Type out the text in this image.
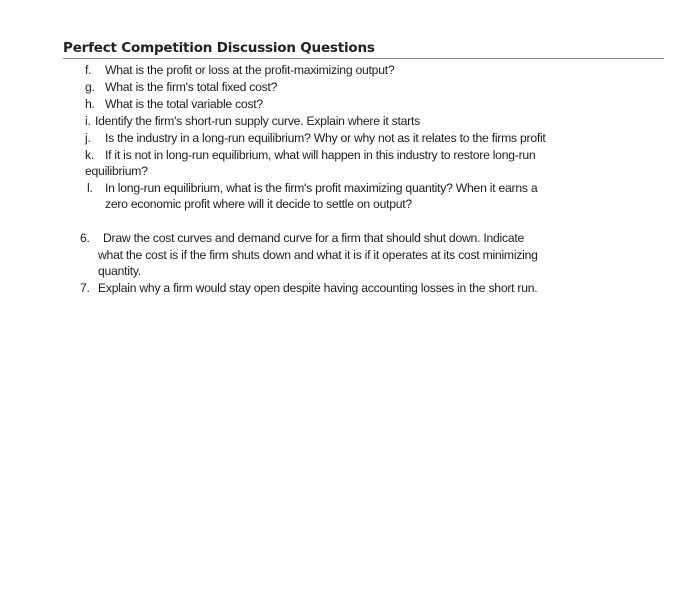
Perfect Competition Discussion Questions
f. What is the profit or loss at the profit-maximizing output?
g. What is the firm's total fixed cost?
h. What is the total variable cost?
i. Identify the firm's short-run supply curve. Explain where it starts
j. Is the industry in a long-run equilibrium? Why or why not as it relates to the firms profit
k. If it is not in long-run equilibrium, what will happen in this industry to restore long-run
equilibrium?
l. In long-run equilibrium, what is the firm's profit maximizing quantity? When it earns a
zero economic profit where will it decide to settle on output?
6. Draw the cost curves and demand curve for a firm that should shut down. Indicate
what the cost is if the firm shuts down and what it is if it operates at its cost minimizing
quantity.
7. Explain why a firm would stay open despite having accounting losses in the short run.
